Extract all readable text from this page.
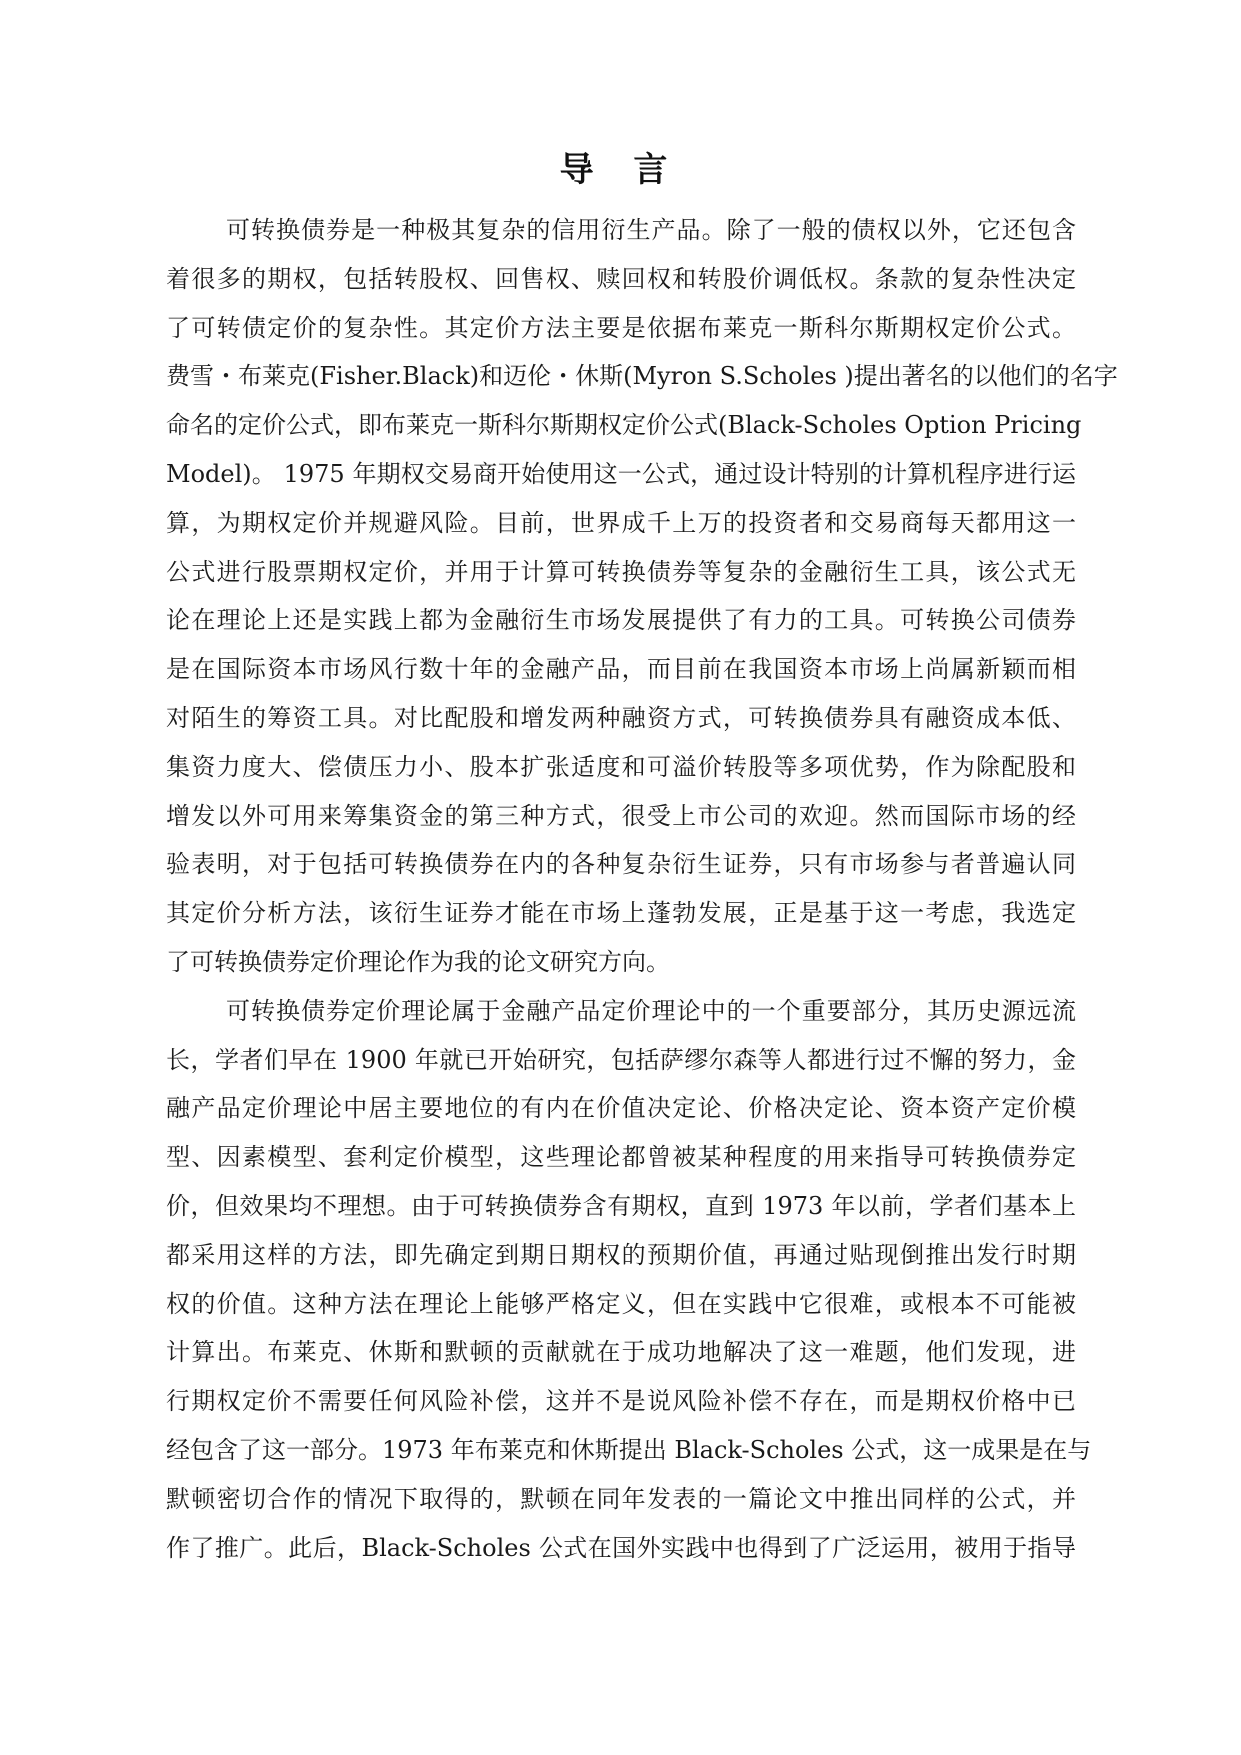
导 言
可转换债券是一种极其复杂的信用衍生产品。除了一般的债权以外，它还包含
着很多的期权，包括转股权、回售权、赎回权和转股价调低权。条款的复杂性决定
了可转债定价的复杂性。其定价方法主要是依据布莱克一斯科尔斯期权定价公式。
费雪・布莱克(Fisher.Black)和迈伦・休斯(Myron S.Scholes )提出著名的以他们的名字
命名的定价公式，即布莱克一斯科尔斯期权定价公式(Black-Scholes Option Pricing
Model)。 1975 年期权交易商开始使用这一公式，通过设计特别的计算机程序进行运
算，为期权定价并规避风险。目前，世界成千上万的投资者和交易商每天都用这一
公式进行股票期权定价，并用于计算可转换债券等复杂的金融衍生工具，该公式无
论在理论上还是实践上都为金融衍生市场发展提供了有力的工具。可转换公司债券
是在国际资本市场风行数十年的金融产品，而目前在我国资本市场上尚属新颖而相
对陌生的筹资工具。对比配股和增发两种融资方式，可转换债券具有融资成本低、
集资力度大、偿债压力小、股本扩张适度和可溢价转股等多项优势，作为除配股和
增发以外可用来筹集资金的第三种方式，很受上市公司的欢迎。然而国际市场的经
验表明，对于包括可转换债券在内的各种复杂衍生证券，只有市场参与者普遍认同
其定价分析方法，该衍生证券才能在市场上蓬勃发展，正是基于这一考虑，我选定
了可转换债券定价理论作为我的论文研究方向。
可转换债券定价理论属于金融产品定价理论中的一个重要部分，其历史源远流
长，学者们早在 1900 年就已开始研究，包括萨缪尔森等人都进行过不懈的努力，金
融产品定价理论中居主要地位的有内在价值决定论、价格决定论、资本资产定价模
型、因素模型、套利定价模型，这些理论都曾被某种程度的用来指导可转换债券定
价，但效果均不理想。由于可转换债券含有期权，直到 1973 年以前，学者们基本上
都采用这样的方法，即先确定到期日期权的预期价值，再通过贴现倒推出发行时期
权的价值。这种方法在理论上能够严格定义，但在实践中它很难，或根本不可能被
计算出。布莱克、休斯和默顿的贡献就在于成功地解决了这一难题，他们发现，进
行期权定价不需要任何风险补偿，这并不是说风险补偿不存在，而是期权价格中已
经包含了这一部分。1973 年布莱克和休斯提出 Black-Scholes 公式，这一成果是在与
默顿密切合作的情况下取得的，默顿在同年发表的一篇论文中推出同样的公式，并
作了推广。此后，Black-Scholes 公式在国外实践中也得到了广泛运用，被用于指导
